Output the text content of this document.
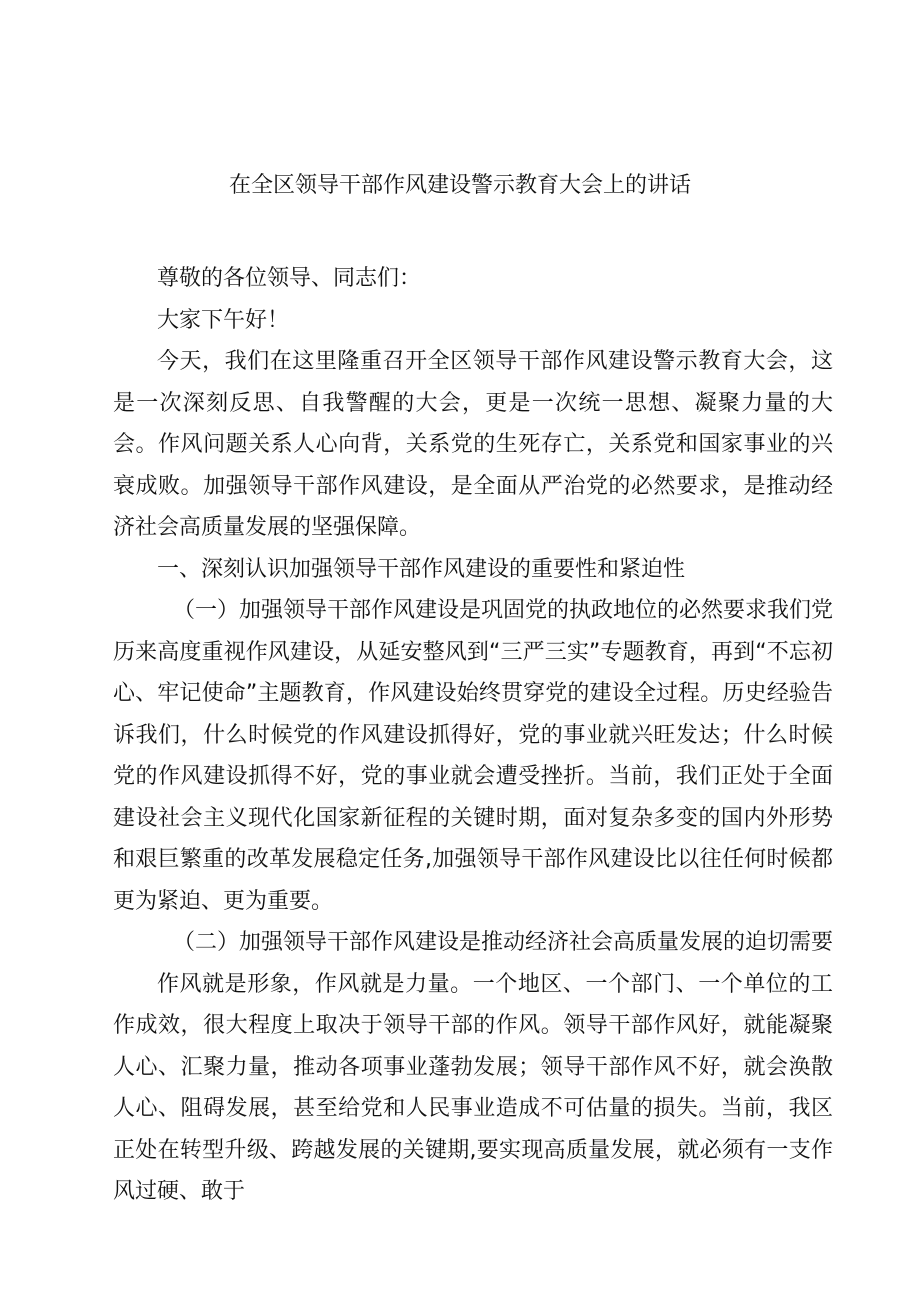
在全区领导干部作风建设警示教育大会上的讲话

尊敬的各位领导、同志们：

大家下午好！

今天，我们在这里隆重召开全区领导干部作风建设警示教育大会，这是一次深刻反思、自我警醒的大会，更是一次统一思想、凝聚力量的大会。作风问题关系人心向背，关系党的生死存亡，关系党和国家事业的兴衰成败。加强领导干部作风建设，是全面从严治党的必然要求，是推动经济社会高质量发展的坚强保障。

一、深刻认识加强领导干部作风建设的重要性和紧迫性

（一）加强领导干部作风建设是巩固党的执政地位的必然要求我们党历来高度重视作风建设，从延安整风到“三严三实”专题教育，再到“不忘初心、牢记使命”主题教育，作风建设始终贯穿党的建设全过程。历史经验告诉我们，什么时候党的作风建设抓得好，党的事业就兴旺发达；什么时候党的作风建设抓得不好，党的事业就会遭受挫折。当前，我们正处于全面建设社会主义现代化国家新征程的关键时期，面对复杂多变的国内外形势和艰巨繁重的改革发展稳定任务,加强领导干部作风建设比以往任何时候都更为紧迫、更为重要。

（二）加强领导干部作风建设是推动经济社会高质量发展的迫切需要

作风就是形象，作风就是力量。一个地区、一个部门、一个单位的工作成效，很大程度上取决于领导干部的作风。领导干部作风好，就能凝聚人心、汇聚力量，推动各项事业蓬勃发展；领导干部作风不好，就会涣散人心、阻碍发展，甚至给党和人民事业造成不可估量的损失。当前，我区正处在转型升级、跨越发展的关键期,要实现高质量发展，就必须有一支作风过硬、敢于
